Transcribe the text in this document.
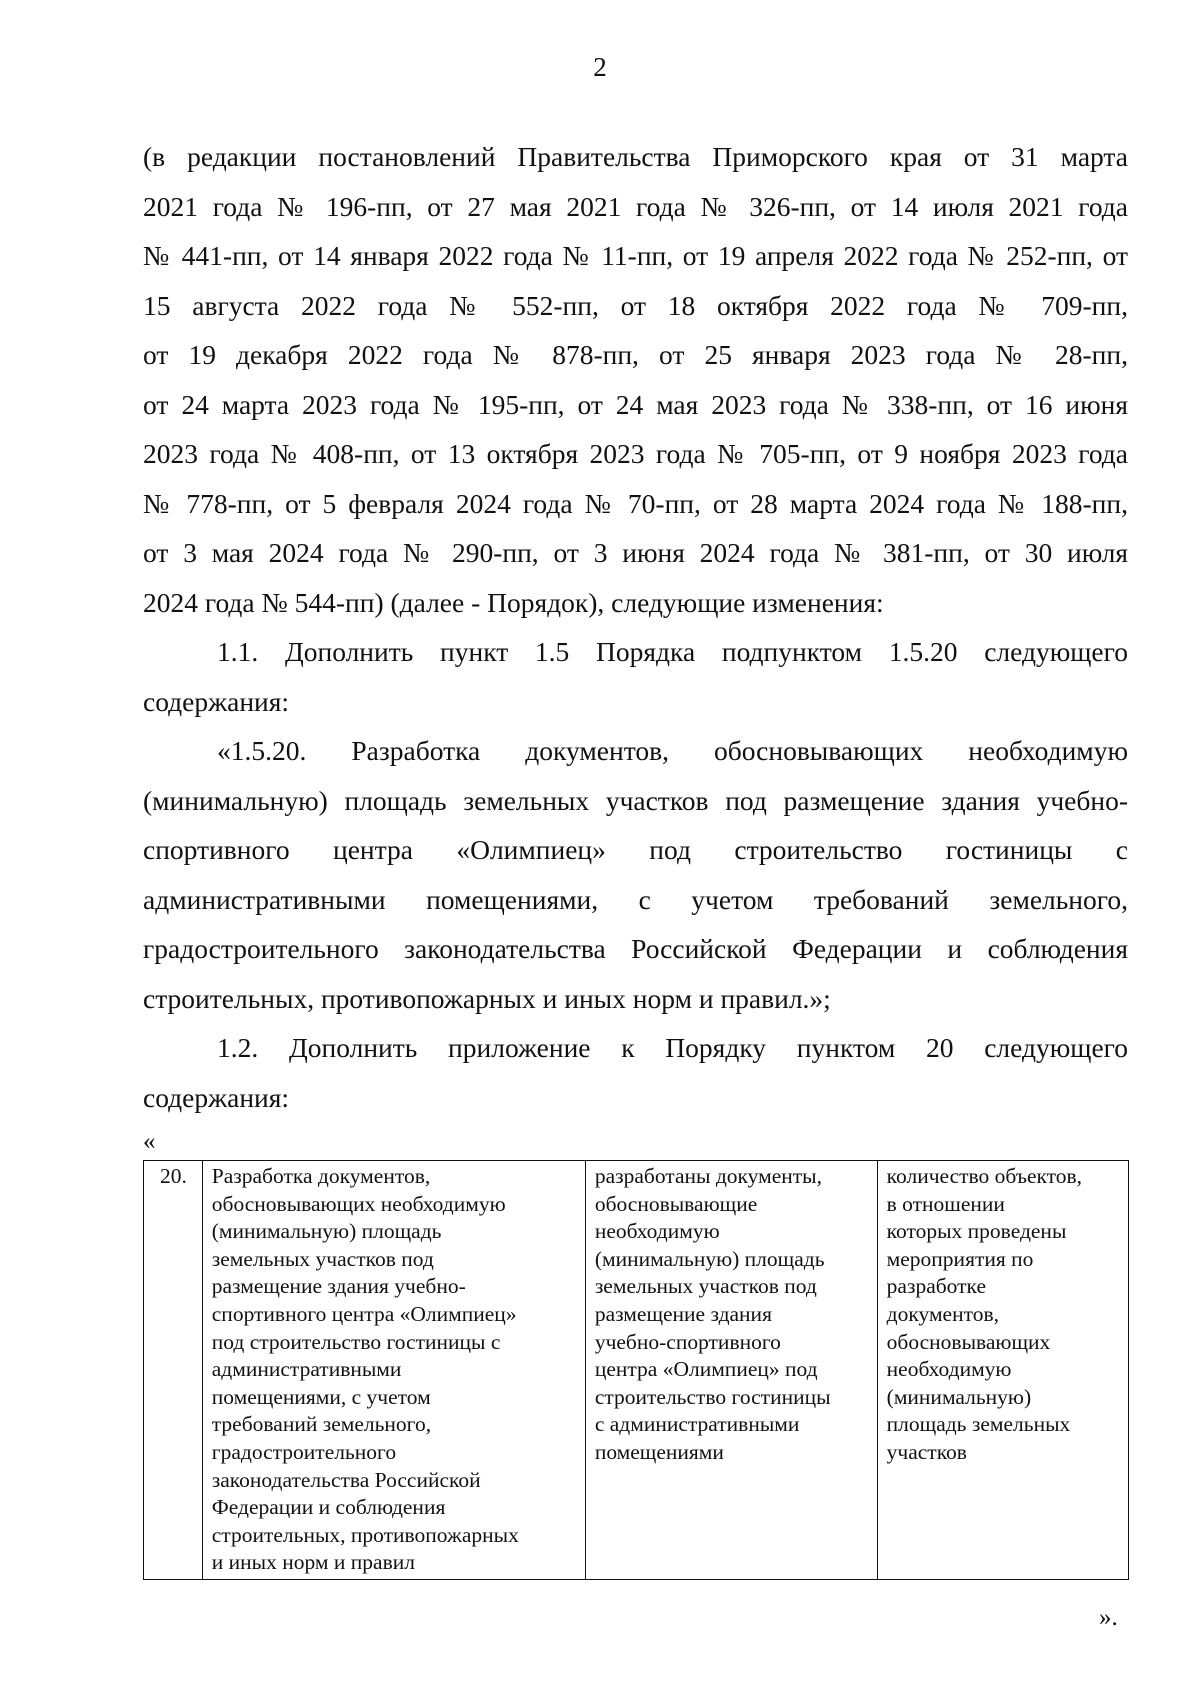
2
(в редакции постановлений Правительства Приморского края от 31 марта
2021 года № 196-пп, от 27 мая 2021 года № 326-пп, от 14 июля 2021 года
№ 441-пп, от 14 января 2022 года № 11-пп, от 19 апреля 2022 года № 252-пп, от
15 августа 2022 года № 552-пп, от 18 октября 2022 года № 709-пп,
от 19 декабря 2022 года № 878-пп, от 25 января 2023 года № 28-пп,
от 24 марта 2023 года № 195-пп, от 24 мая 2023 года № 338-пп, от 16 июня
2023 года № 408-пп, от 13 октября 2023 года № 705-пп, от 9 ноября 2023 года
№ 778-пп, от 5 февраля 2024 года № 70-пп, от 28 марта 2024 года № 188-пп,
от 3 мая 2024 года № 290-пп, от 3 июня 2024 года № 381-пп, от 30 июля
2024 года № 544-пп) (далее - Порядок), следующие изменения:
1.1. Дополнить пункт 1.5 Порядка подпунктом 1.5.20 следующего
содержания:
«1.5.20. Разработка документов, обосновывающих необходимую
(минимальную) площадь земельных участков под размещение здания учебно-
спортивного центра «Олимпиец» под строительство гостиницы с
административными помещениями, с учетом требований земельного,
градостроительного законодательства Российской Федерации и соблюдения
строительных, противопожарных и иных норм и правил.»;
1.2. Дополнить приложение к Порядку пунктом 20 следующего
содержания:
«
20.	Разработка документов,
обосновывающих необходимую
(минимальную) площадь
земельных участков под
размещение здания учебно-
спортивного центра «Олимпиец»
под строительство гостиницы с
административными
помещениями, с учетом
требований земельного,
градостроительного
законодательства Российской
Федерации и соблюдения
строительных, противопожарных
и иных норм и правил

разработаны документы,
обосновывающие
необходимую
(минимальную) площадь
земельных участков под
размещение здания
учебно-спортивного
центра «Олимпиец» под
строительство гостиницы
с административными
помещениями

количество объектов,
в отношении
которых проведены
мероприятия по
разработке
документов,
обосновывающих
необходимую
(минимальную)
площадь земельных
участков
».
